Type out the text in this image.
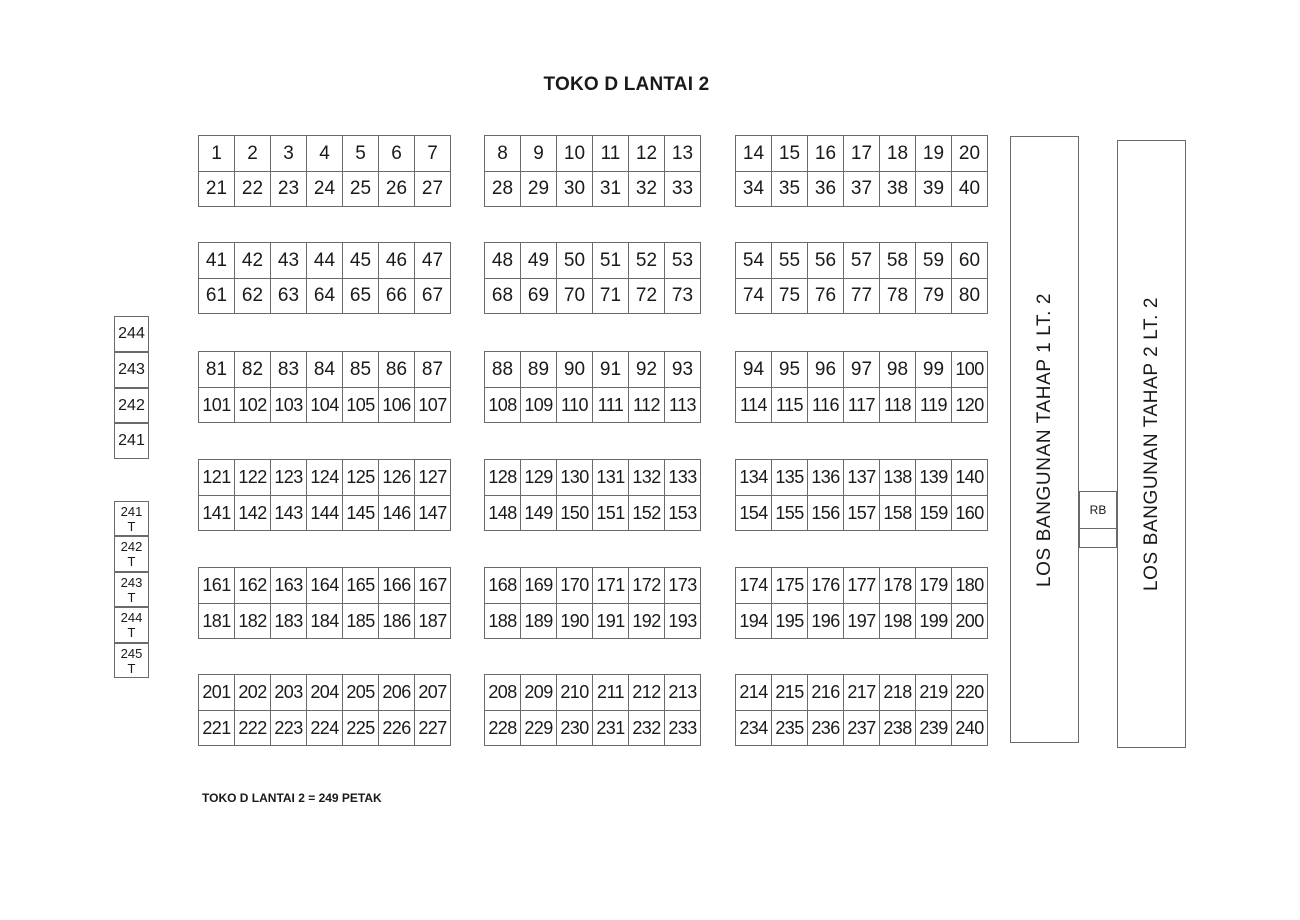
TOKO D LANTAI 2
1	2	3	4	5	6	7
21 22 23 24 25 26 27
8	9	10 11 12 13
28 29 30 31 32 33
14 15 16 17 18 19 20
34 35 36 37 38 39 40
41 42 43 44 45 46 47
61 62 63 64 65 66 67
48 49 50 51 52 53
68 69 70 71 72 73
54 55 56 57 58 59 60
74 75 76 77 78 79 80
81 82 83 84 85 86 87
101 102 103 104 105 106 107
88 89 90 91 92 93
108 109 110 111 112 113
94 95 96 97 98 99 100
114 115 116 117 118 119 120
121 122 123 124 125 126 127
141 142 143 144 145 146 147
128 129 130 131 132 133
148 149 150 151 152 153
134 135 136 137 138 139 140
154 155 156 157 158 159 160
161 162 163 164 165 166 167
181 182 183 184 185 186 187
168 169 170 171 172 173
188 189 190 191 192 193
174 175 176 177 178 179 180
194 195 196 197 198 199 200
201 202 203 204 205 206 207
221 222 223 224 225 226 227
208 209 210 211 212 213
228 229 230 231 232 233
214 215 216 217 218 219 220
234 235 236 237 238 239 240
244
243
242
241
241
T
242
T
243
T
244
T
245
T
LOS BANGUNAN TAHAP 1 LT. 2	RB	LOS BANGUNAN TAHAP 2 LT. 2
TOKO D LANTAI 2 = 249 PETAK
